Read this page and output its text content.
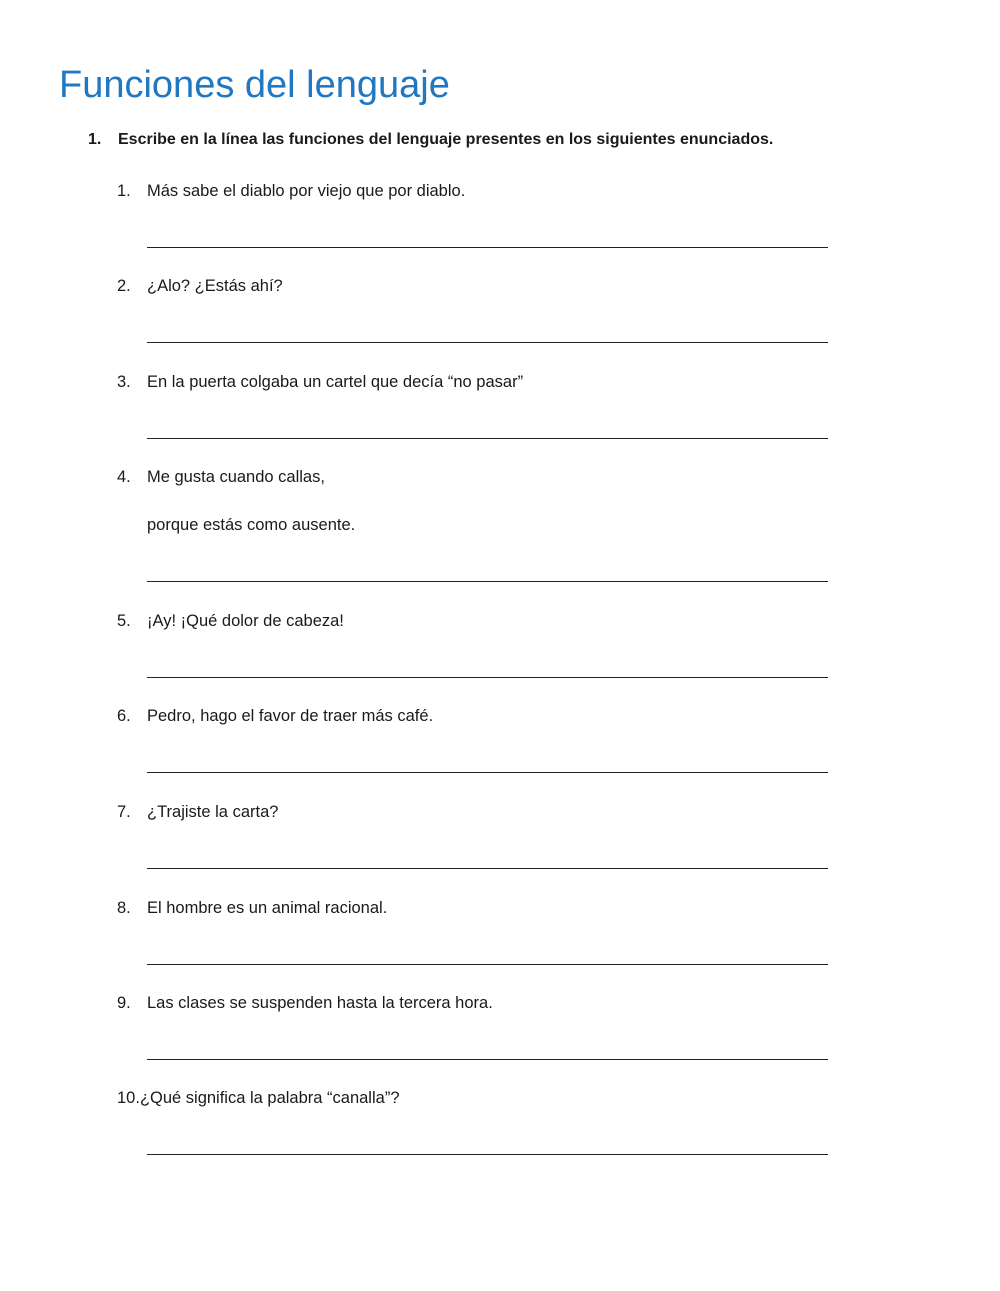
Funciones del lenguaje
1. Escribe en la línea las funciones del lenguaje presentes en los siguientes enunciados.
1. Más sabe el diablo por viejo que por diablo.
2. ¿Alo? ¿Estás ahí?
3. En la puerta colgaba un cartel que decía “no pasar”
4. Me gusta cuando callas,
porque estás como ausente.
5. ¡Ay! ¡Qué dolor de cabeza!
6. Pedro, hago el favor de traer más café.
7. ¿Trajiste la carta?
8. El hombre es un animal racional.
9. Las clases se suspenden hasta la tercera hora.
10.¿Qué significa la palabra “canalla”?
